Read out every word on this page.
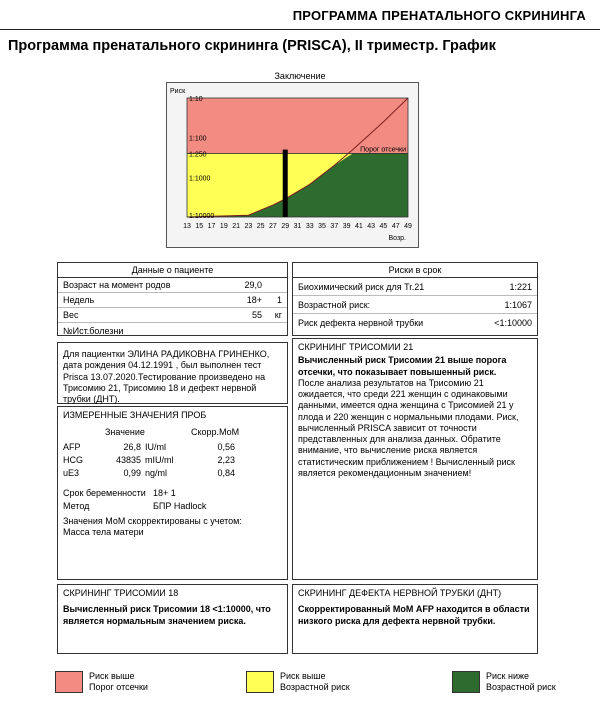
ПРОГРАММА ПРЕНАТАЛЬНОГО СКРИНИНГА
Программа пренатального скрининга (PRISCA), II триместр. График
Заключение
Риск
1:10
1:100
1:250
1:1000
1:10000
13 15 17 19 21 23 25 27 29 31 33 35 37 39 41 43 45 47 49
Возр.
Порог отсечки
Данные о пациенте
Возраст на момент родов	29,0
Недель	18+	1
Вес	55	кг
№Ист.болезни
Риски в срок
Биохимический риск для Tr.21	1:221
Возрастной риск:	1:1067
Риск дефекта нервной трубки	<1:10000
Для пациентки ЭЛИНА РАДИКОВНА ГРИНЕНКО, дата рождения 04.12.1991 , был выполнен тест Prisca 13.07.2020.Тестирование произведено на Трисомию 21, Трисомию 18 и дефект нервной трубки (ДНТ).
ИЗМЕРЕННЫЕ ЗНАЧЕНИЯ ПРОБ
Значение	Скорр.МоМ
AFP	26,8 IU/ml	0,56
HCG	43835 mIU/ml	2,23
uE3	0,99 ng/ml	0,84
Срок беременности 18+ 1
Метод	БПР Hadlock
Значения МоМ скорректированы с учетом: Масса тела матери
СКРИНИНГ ТРИСОМИИ 21
Вычисленный риск Трисомии 21 выше порога отсечки, что показывает повышенный риск.
После анализа результатов на Трисомию 21 ожидается, что среди 221 женщин с одинаковыми данными, имеется одна женщина с Трисомией 21 у плода и 220 женщин с нормальными плодами. Риск, вычисленный PRISCA зависит от точности представленных для анализа данных. Обратите внимание, что вычисление риска является статистическим приближением ! Вычисленный риск является рекомендационным значением!
СКРИНИНГ ТРИСОМИИ 18
Вычисленный риск Трисомии 18 <1:10000, что является нормальным значением риска.
СКРИНИНГ ДЕФЕКТА НЕРВНОЙ ТРУБКИ (ДНТ)
Скорректированный МоМ AFP находится в области низкого риска для дефекта нервной трубки.
Риск выше
Порог отсечки
Риск выше
Возрастной риск
Риск ниже
Возрастной риск
